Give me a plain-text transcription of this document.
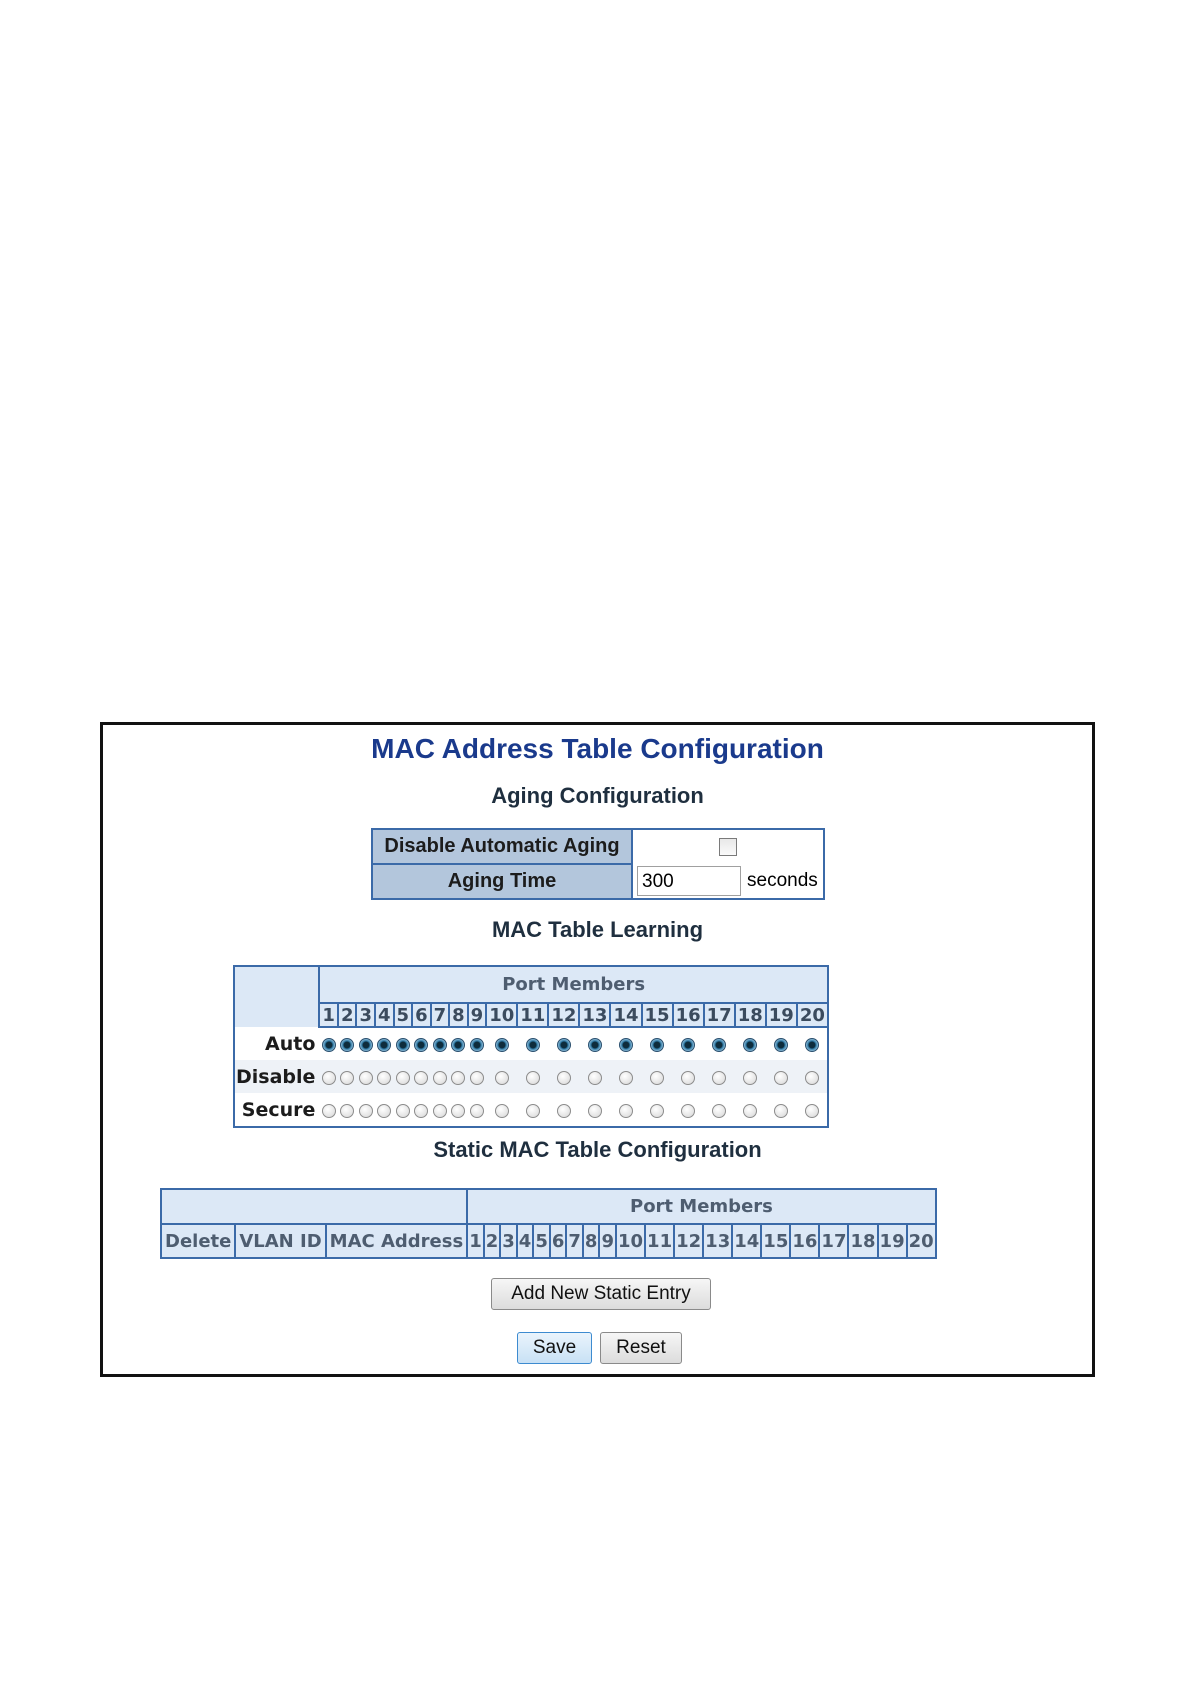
MAC Address Table Configuration
Aging Configuration
Disable Automatic Aging	
Aging Time	300 seconds
MAC Table Learning
	Port Members																			
	1	2	3	4	5	6	7	8	9	10	11	12	13	14	15	16	17	18	19	20
Auto																				
Disable																				
Secure																				
Static MAC Table Configuration
			Port Members																			
Delete	VLAN ID	MAC Address	1	2	3	4	5	6	7	8	9	10	11	12	13	14	15	16	17	18	19	20
Add New Static Entry
Save	Reset
